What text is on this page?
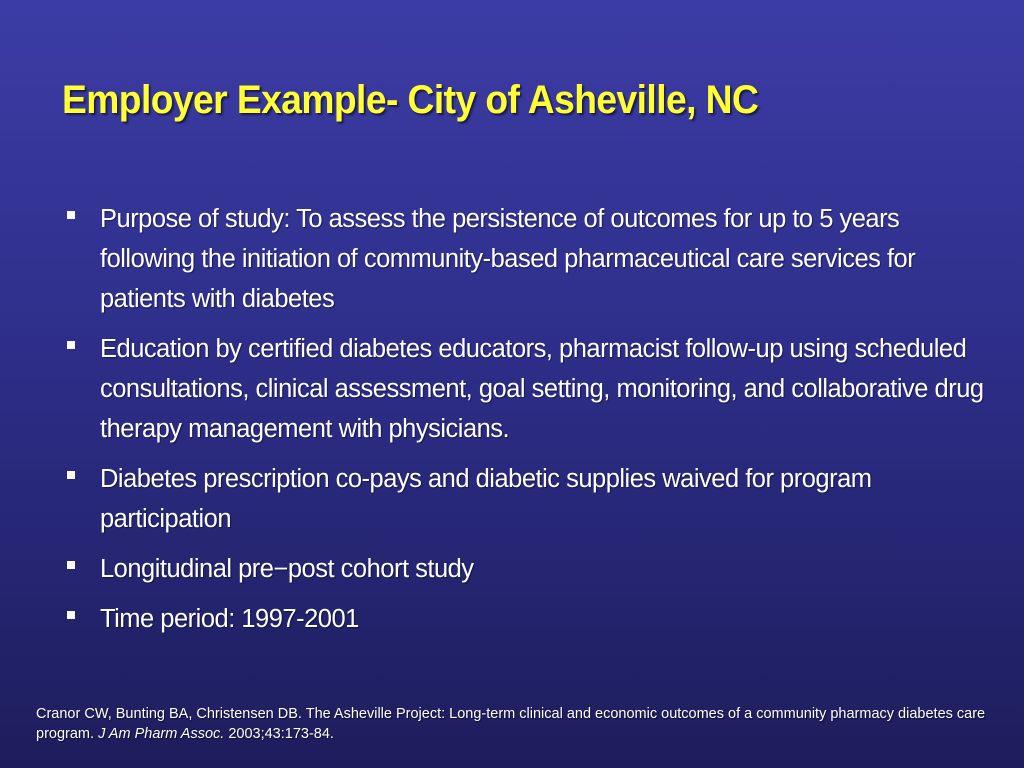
Employer Example- City of Asheville, NC
Purpose of study: To assess the persistence of outcomes for up to 5 years following the initiation of community-based pharmaceutical care services for patients with diabetes
Education by certified diabetes educators, pharmacist follow-up using scheduled consultations, clinical assessment, goal setting, monitoring, and collaborative drug therapy management with physicians.
Diabetes prescription co-pays and diabetic supplies waived for program participation
Longitudinal pre−post cohort study
Time period: 1997-2001
Cranor CW, Bunting BA, Christensen DB. The Asheville Project: Long-term clinical and economic outcomes of a community pharmacy diabetes care program. J Am Pharm Assoc. 2003;43:173-84.
